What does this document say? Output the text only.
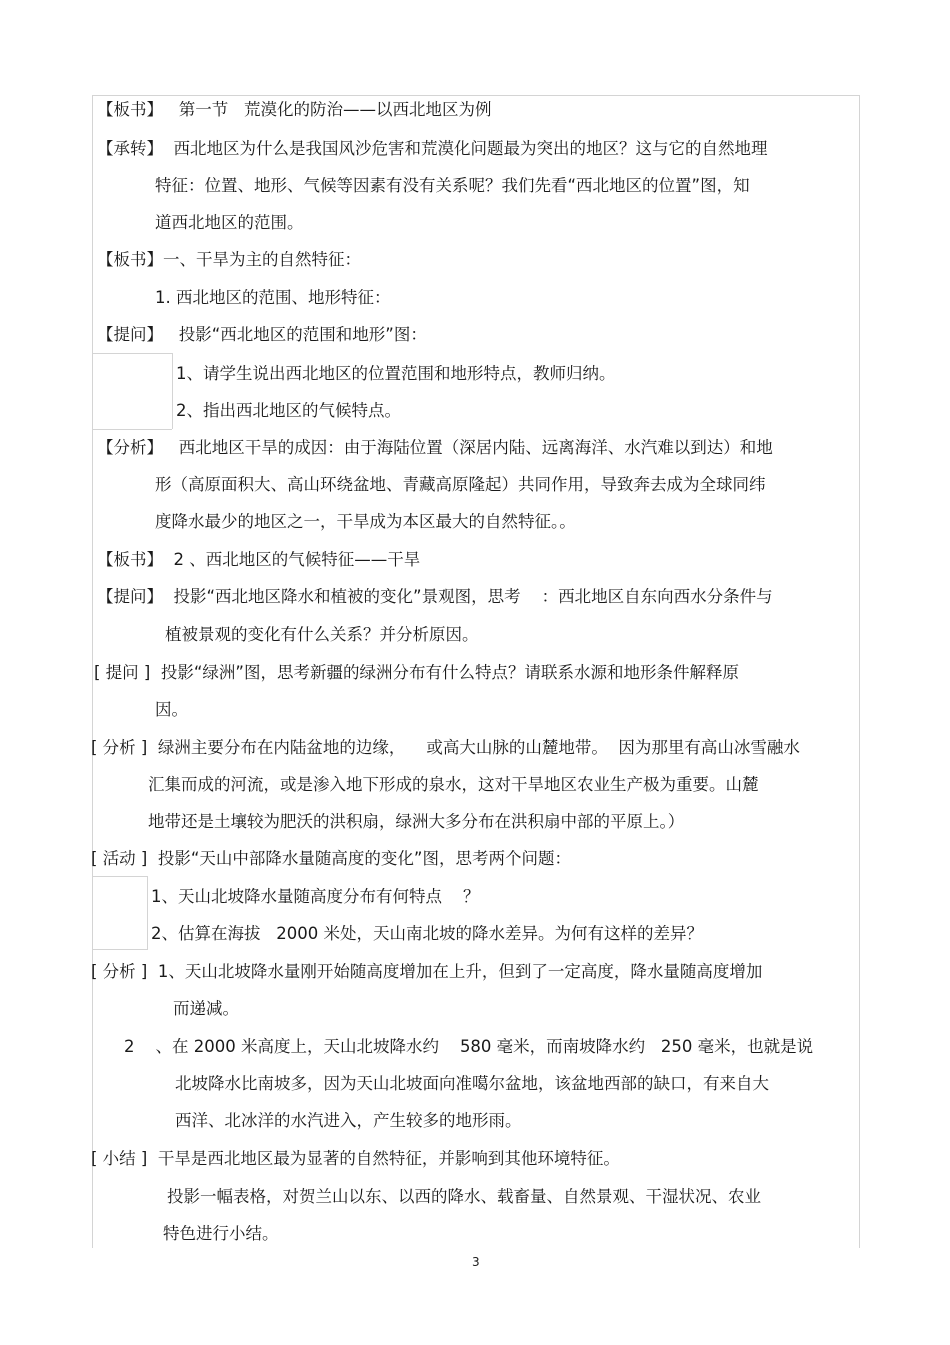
【板书】   第一节   荒漠化的防治——以西北地区为例
【承转】  西北地区为什么是我国风沙危害和荒漠化问题最为突出的地区？这与它的自然地理
特征：位置、地形、气候等因素有没有关系呢？我们先看“西北地区的位置”图，知
道西北地区的范围。
【板书】一、干旱为主的自然特征：
1. 西北地区的范围、地形特征：
【提问】   投影“西北地区的范围和地形”图：
1、请学生说出西北地区的位置范围和地形特点，教师归纳。
2、指出西北地区的气候特点。
【分析】   西北地区干旱的成因：由于海陆位置（深居内陆、远离海洋、水汽难以到达）和地
形（高原面积大、高山环绕盆地、青藏高原隆起）共同作用，导致奔去成为全球同纬
度降水最少的地区之一，干旱成为本区最大的自然特征。。
【板书】  2 、西北地区的气候特征——干旱
【提问】  投影“西北地区降水和植被的变化”景观图，思考    ：西北地区自东向西水分条件与
植被景观的变化有什么关系？并分析原因。
[ 提问 ]  投影“绿洲”图，思考新疆的绿洲分布有什么特点？请联系水源和地形条件解释原
因。
[ 分析 ]  绿洲主要分布在内陆盆地的边缘，    或高大山脉的山麓地带。  因为那里有高山冰雪融水
汇集而成的河流，或是渗入地下形成的泉水，这对干旱地区农业生产极为重要。山麓
地带还是土壤较为肥沃的洪积扇，绿洲大多分布在洪积扇中部的平原上。）
[ 活动 ]  投影“天山中部降水量随高度的变化”图，思考两个问题：
1、天山北坡降水量随高度分布有何特点    ？
2、估算在海拔   2000 米处，天山南北坡的降水差异。为何有这样的差异？
[ 分析 ]  1、天山北坡降水量刚开始随高度增加在上升，但到了一定高度，降水量随高度增加
而递减。
2    、在 2000 米高度上，天山北坡降水约    580 毫米，而南坡降水约   250 毫米，也就是说
北坡降水比南坡多，因为天山北坡面向准噶尔盆地，该盆地西部的缺口，有来自大
西洋、北冰洋的水汽进入，产生较多的地形雨。
[ 小结 ]  干旱是西北地区最为显著的自然特征，并影响到其他环境特征。
投影一幅表格，对贺兰山以东、以西的降水、载畜量、自然景观、干湿状况、农业
特色进行小结。
3
